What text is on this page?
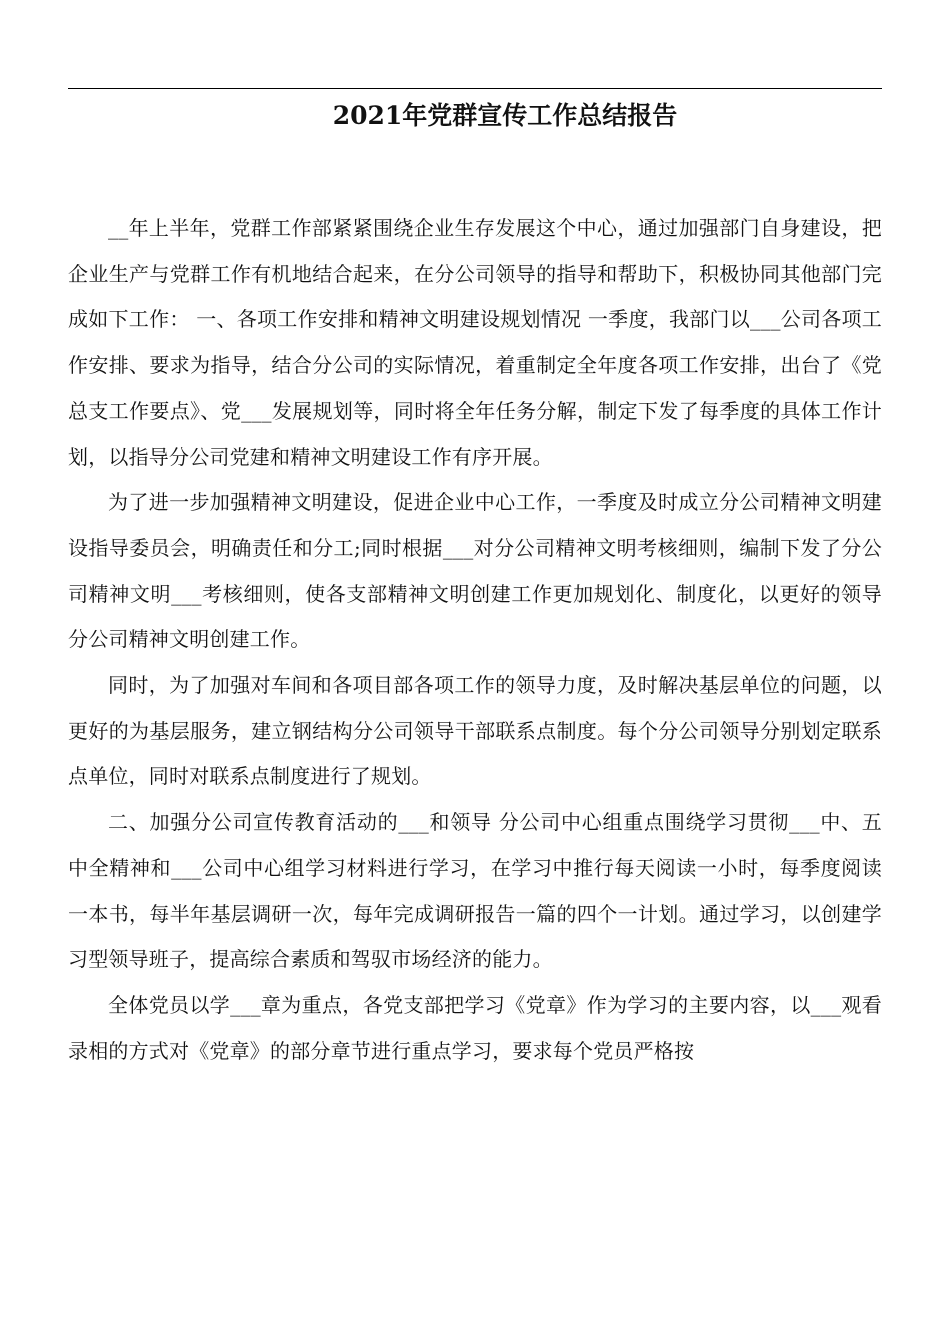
2021年党群宣传工作总结报告

__年上半年，党群工作部紧紧围绕企业生存发展这个中心，通过加强部门自身建设，把企业生产与党群工作有机地结合起来，在分公司领导的指导和帮助下，积极协同其他部门完成如下工作： 一、各项工作安排和精神文明建设规划情况 一季度，我部门以___公司各项工作安排、要求为指导，结合分公司的实际情况，着重制定全年度各项工作安排，出台了《党总支工作要点》、党___发展规划等，同时将全年任务分解，制定下发了每季度的具体工作计划，以指导分公司党建和精神文明建设工作有序开展。

为了进一步加强精神文明建设，促进企业中心工作，一季度及时成立分公司精神文明建设指导委员会，明确责任和分工;同时根据___对分公司精神文明考核细则，编制下发了分公司精神文明___考核细则，使各支部精神文明创建工作更加规划化、制度化，以更好的领导分公司精神文明创建工作。

同时，为了加强对车间和各项目部各项工作的领导力度，及时解决基层单位的问题，以更好的为基层服务，建立钢结构分公司领导干部联系点制度。每个分公司领导分别划定联系点单位，同时对联系点制度进行了规划。

二、加强分公司宣传教育活动的___和领导 分公司中心组重点围绕学习贯彻___中、五中全精神和___公司中心组学习材料进行学习，在学习中推行每天阅读一小时，每季度阅读一本书，每半年基层调研一次，每年完成调研报告一篇的四个一计划。通过学习，以创建学习型领导班子，提高综合素质和驾驭市场经济的能力。

全体党员以学___章为重点，各党支部把学习《党章》作为学习的主要内容，以___观看录相的方式对《党章》的部分章节进行重点学习，要求每个党员严格按
